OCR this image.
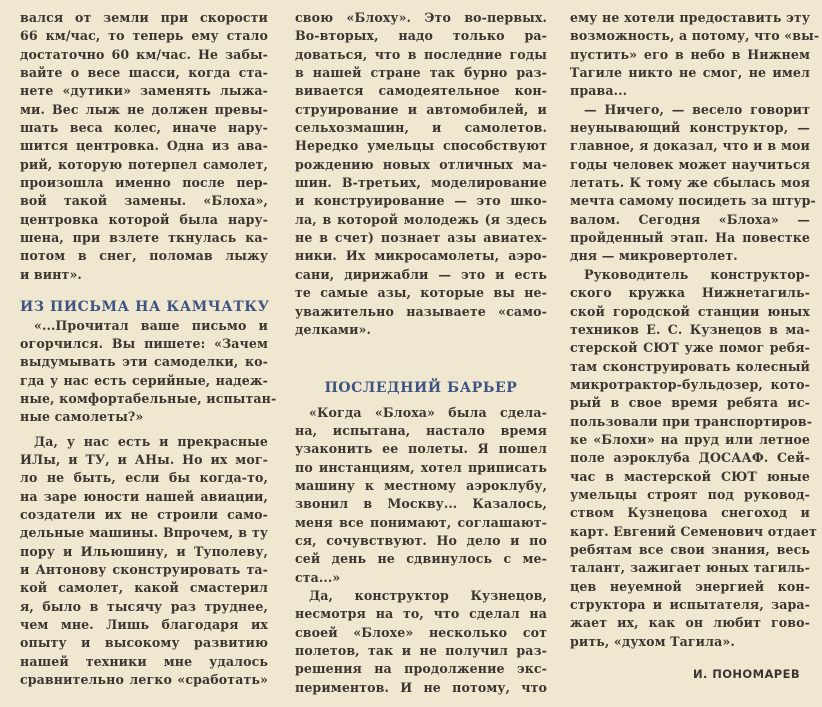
вался от земли при скорости
66 км/час, то теперь ему стало
достаточно 60 км/час. Не забы-
вайте о весе шасси, когда ста-
нете «дутики» заменять лыжа-
ми. Вес лыж не должен превы-
шать веса колес, иначе нару-
шится центровка. Одна из ава-
рий, которую потерпел самолет,
произошла именно после пер-
вой такой замены. «Блоха»,
центровка которой была нару-
шена, при взлете ткнулась ка-
потом в снег, поломав лыжу
и винт».
ИЗ ПИСЬМА НА КАМЧАТКУ
«...Прочитал ваше письмо и
огорчился. Вы пишете: «Зачем
выдумывать эти самоделки, ко-
гда у нас есть серийные, надеж-
ные, комфортабельные, испытан-
ные самолеты?»
Да, у нас есть и прекрасные
ИЛы, и ТУ, и АНы. Но их мог-
ло не быть, если бы когда-то,
на заре юности нашей авиации,
создатели их не строили само-
дельные машины. Впрочем, в ту
пору и Ильюшину, и Туполеву,
и Антонову сконструировать та-
кой самолет, какой смастерил
я, было в тысячу раз труднее,
чем мне. Лишь благодаря их
опыту и высокому развитию
нашей техники мне удалось
сравнительно легко «сработать»
свою «Блоху». Это во-первых.
Во-вторых, надо только ра-
доваться, что в последние годы
в нашей стране так бурно раз-
вивается самодеятельное кон-
струирование и автомобилей, и
сельхозмашин, и самолетов.
Нередко умельцы способствуют
рождению новых отличных ма-
шин. В-третьих, моделирование
и конструирование — это шко-
ла, в которой молодежь (я здесь
не в счет) познает азы авиатех-
ники. Их микросамолеты, аэро-
сани, дирижабли — это и есть
те самые азы, которые вы не-
уважительно называете «само-
делками».
ПОСЛЕДНИЙ БАРЬЕР
«Когда «Блоха» была сдела-
на, испытана, настало время
узаконить ее полеты. Я пошел
по инстанциям, хотел приписать
машину к местному аэроклубу,
звонил в Москву... Казалось,
меня все понимают, соглашают-
ся, сочувствуют. Но дело и по
сей день не сдвинулось с ме-
ста...»
Да, конструктор Кузнецов,
несмотря на то, что сделал на
своей «Блохе» несколько сот
полетов, так и не получил раз-
решения на продолжение экс-
периментов. И не потому, что
ему не хотели предоставить эту
возможность, а потому, что «вы-
пустить» его в небо в Нижнем
Тагиле никто не смог, не имел
права...
— Ничего, — весело говорит
неунывающий конструктор, —
главное, я доказал, что и в мои
годы человек может научиться
летать. К тому же сбылась моя
мечта самому посидеть за штур-
валом. Сегодня «Блоха» —
пройденный этап. На повестке
дня — микровертолет.
Руководитель конструктор-
ского кружка Нижнетагиль-
ской городской станции юных
техников Е. С. Кузнецов в ма-
стерской СЮТ уже помог ребя-
там сконструировать колесный
микротрактор-бульдозер, кото-
рый в свое время ребята ис-
пользовали при транспортиров-
ке «Блохи» на пруд или летное
поле аэроклуба ДОСААФ. Сей-
час в мастерской СЮТ юные
умельцы строят под руковод-
ством Кузнецова снегоход и
карт. Евгений Семенович отдает
ребятам все свои знания, весь
талант, зажигает юных тагиль-
цев неуемной энергией кон-
структора и испытателя, зара-
жает их, как он любит гово-
рить, «духом Тагила».
И. ПОНОМАРЕВ
